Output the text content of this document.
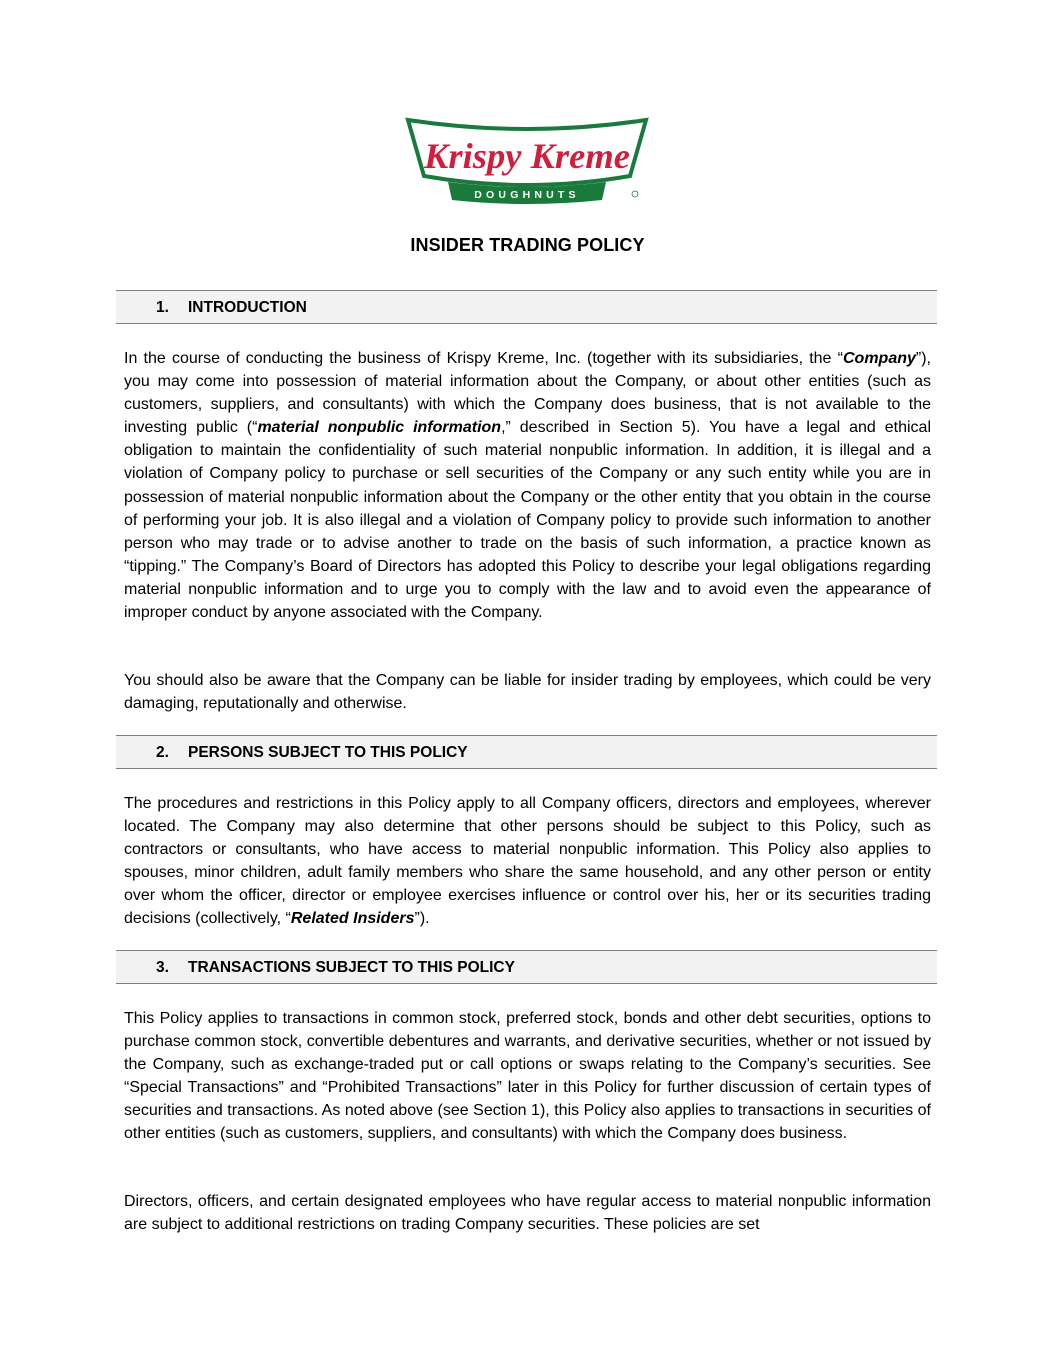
DOUGHNUTS
Krispy Kreme
INSIDER TRADING POLICY
1. INTRODUCTION

In the course of conducting the business of Krispy Kreme, Inc. (together with its subsidiaries, the “Company”), you may come into possession of material information about the Company, or about other entities (such as customers, suppliers, and consultants) with which the Company does business, that is not available to the investing public (“material nonpublic information,” described in Section 5). You have a legal and ethical obligation to maintain the confidentiality of such material nonpublic information. In addition, it is illegal and a violation of Company policy to purchase or sell securities of the Company or any such entity while you are in possession of material nonpublic information about the Company or the other entity that you obtain in the course of performing your job. It is also illegal and a violation of Company policy to provide such information to another person who may trade or to advise another to trade on the basis of such information, a practice known as “tipping.” The Company’s Board of Directors has adopted this Policy to describe your legal obligations regarding material nonpublic information and to urge you to comply with the law and to avoid even the appearance of improper conduct by anyone associated with the Company.

You should also be aware that the Company can be liable for insider trading by employees, which could be very damaging, reputationally and otherwise.

2. PERSONS SUBJECT TO THIS POLICY

The procedures and restrictions in this Policy apply to all Company officers, directors and employees, wherever located. The Company may also determine that other persons should be subject to this Policy, such as contractors or consultants, who have access to material nonpublic information. This Policy also applies to spouses, minor children, adult family members who share the same household, and any other person or entity over whom the officer, director or employee exercises influence or control over his, her or its securities trading decisions (collectively, “Related Insiders”).

3. TRANSACTIONS SUBJECT TO THIS POLICY

This Policy applies to transactions in common stock, preferred stock, bonds and other debt securities, options to purchase common stock, convertible debentures and warrants, and derivative securities, whether or not issued by the Company, such as exchange-traded put or call options or swaps relating to the Company’s securities. See “Special Transactions” and “Prohibited Transactions” later in this Policy for further discussion of certain types of securities and transactions. As noted above (see Section 1), this Policy also applies to transactions in securities of other entities (such as customers, suppliers, and consultants) with which the Company does business.

Directors, officers, and certain designated employees who have regular access to material nonpublic information are subject to additional restrictions on trading Company securities. These policies are set
